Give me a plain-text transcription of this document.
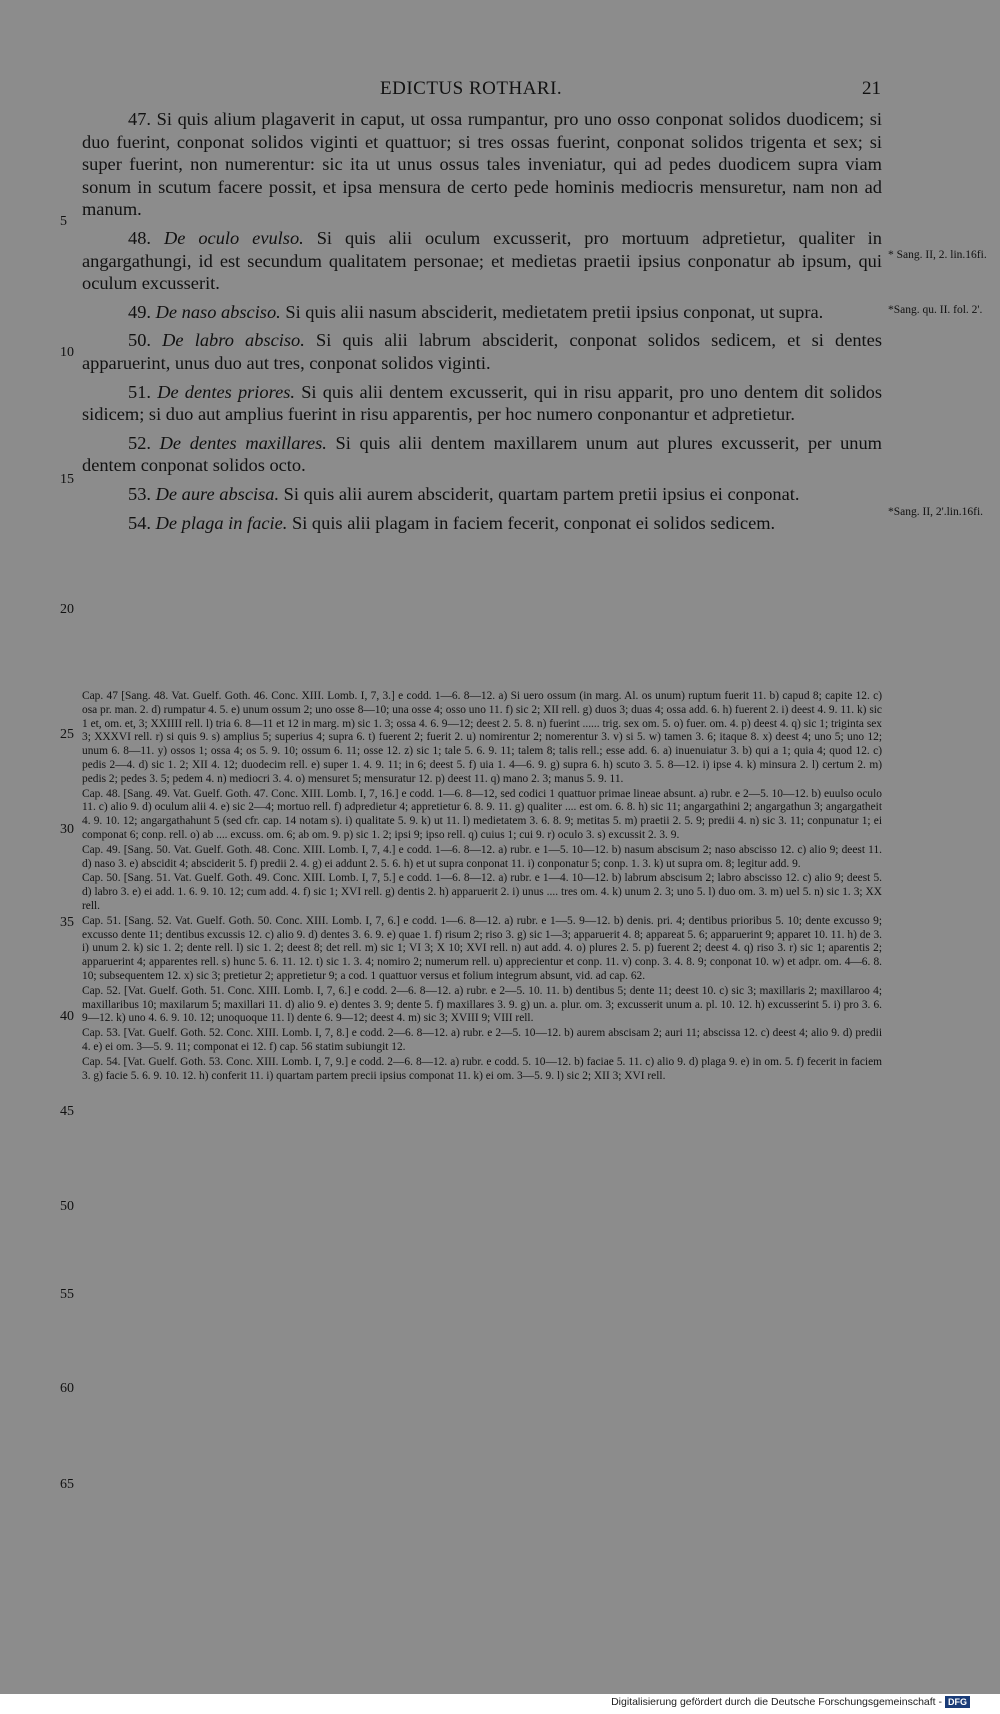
EDICTUS ROTHARI.	21

47. Si quis alium plagaverit in caput, ut ossa rumpantur, pro uno osso conponat solidos duodicem; si duo fuerint, conponat solidos viginti et quattuor; si tres ossas fuerint, conponat solidos trigenta et sex; si super fuerint, non numerentur: sic ita ut unus ossus tales inveniatur, qui ad pedes duodicem supra viam sonum in scutum facere possit, et ipsa mensura de certo pede hominis mediocris mensuretur, nam non ad manum.

48. De oculo evulso. Si quis alii oculum excusserit, pro mortuum adpretietur, qualiter in angargathungi, id est secundum qualitatem personae; et medietas praetii ipsius conponatur ab ipsum, qui oculum excusserit.

49. De naso absciso. Si quis alii nasum absciderit, medietatem pretii ipsius conponat, ut supra.

50. De labro absciso. Si quis alii labrum absciderit, conponat solidos sedicem, et si dentes apparuerint, unus duo aut tres, conponat solidos viginti.

51. De dentes priores. Si quis alii dentem excusserit, qui in risu apparit, pro uno dentem dit solidos sidicem; si duo aut amplius fuerint in risu apparentis, per hoc numero conponantur et adpretietur.

52. De dentes maxillares. Si quis alii dentem maxillarem unum aut plures excusserit, per unum dentem conponat solidos octo.

53. De aure abscisa. Si quis alii aurem absciderit, quartam partem pretii ipsius ei conponat.

54. De plaga in facie. Si quis alii plagam in faciem fecerit, conponat ei solidos sedicem.

5
10
15
20
25
30
35
40
45
50
55
60
65
* Sang. II, 2. lin.16fi.
*Sang. qu. II. fol. 2'.
*Sang. II, 2'.lin.16fi.

Cap. 47 [Sang. 48. Vat. Guelf. Goth. 46. Conc. XIII. Lomb. I, 7, 3.] e codd. 1—6. 8—12. a) Si uero ossum (in marg. Al. os unum) ruptum fuerit 11. b) capud 8; capite 12. c) osa pr. man. 2. d) rumpatur 4. 5. e) unum ossum 2; uno osse 8—10; una osse 4; osso uno 11. f) sic 2; XII rell. g) duos 3; duas 4; ossa add. 6. h) fuerent 2. i) deest 4. 9. 11. k) sic 1 et, om. et, 3; XXIIII rell. l) tria 6. 8—11 et 12 in marg. m) sic 1. 3; ossa 4. 6. 9—12; deest 2. 5. 8. n) fuerint ...... trig. sex om. 5. o) fuer. om. 4. p) deest 4. q) sic 1; triginta sex 3; XXXVI rell. r) si quis 9. s) amplius 5; superius 4; supra 6. t) fuerent 2; fuerit 2. u) nomirentur 2; nomerentur 3. v) si 5. w) tamen 3. 6; itaque 8. x) deest 4; uno 5; uno 12; unum 6. 8—11. y) ossos 1; ossa 4; os 5. 9. 10; ossum 6. 11; osse 12. z) sic 1; tale 5. 6. 9. 11; talem 8; talis rell.; esse add. 6. a) inuenuiatur 3. b) qui a 1; quia 4; quod 12. c) pedis 2—4. d) sic 1. 2; XII 4. 12; duodecim rell. e) super 1. 4. 9. 11; in 6; deest 5. f) uia 1. 4—6. 9. g) supra 6. h) scuto 3. 5. 8—12. i) ipse 4. k) minsura 2. l) certum 2. m) pedis 2; pedes 3. 5; pedem 4. n) mediocri 3. 4. o) mensuret 5; mensuratur 12. p) deest 11. q) mano 2. 3; manus 5. 9. 11.

Cap. 48. [Sang. 49. Vat. Guelf. Goth. 47. Conc. XIII. Lomb. I, 7, 16.] e codd. 1—6. 8—12, sed codici 1 quattuor primae lineae absunt. a) rubr. e 2—5. 10—12. b) euulso oculo 11. c) alio 9. d) oculum alii 4. e) sic 2—4; mortuo rell. f) adpredietur 4; appretietur 6. 8. 9. 11. g) qualiter .... est om. 6. 8. h) sic 11; angargathini 2; angargathun 3; angargatheit 4. 9. 10. 12; angargathahunt 5 (sed cfr. cap. 14 notam s). i) qualitate 5. 9. k) ut 11. l) medietatem 3. 6. 8. 9; metitas 5. m) praetii 2. 5. 9; predii 4. n) sic 3. 11; conpunatur 1; ei componat 6; conp. rell. o) ab .... excuss. om. 6; ab om. 9. p) sic 1. 2; ipsi 9; ipso rell. q) cuius 1; cui 9. r) oculo 3. s) excussit 2. 3. 9.

Cap. 49. [Sang. 50. Vat. Guelf. Goth. 48. Conc. XIII. Lomb. I, 7, 4.] e codd. 1—6. 8—12. a) rubr. e 1—5. 10—12. b) nasum abscisum 2; naso abscisso 12. c) alio 9; deest 11. d) naso 3. e) abscidit 4; absciderit 5. f) predii 2. 4. g) ei addunt 2. 5. 6. h) et ut supra conponat 11. i) conponatur 5; conp. 1. 3. k) ut supra om. 8; legitur add. 9.

Cap. 50. [Sang. 51. Vat. Guelf. Goth. 49. Conc. XIII. Lomb. I, 7, 5.] e codd. 1—6. 8—12. a) rubr. e 1—4. 10—12. b) labrum abscisum 2; labro abscisso 12. c) alio 9; deest 5. d) labro 3. e) ei add. 1. 6. 9. 10. 12; cum add. 4. f) sic 1; XVI rell. g) dentis 2. h) apparuerit 2. i) unus .... tres om. 4. k) unum 2. 3; uno 5. l) duo om. 3. m) uel 5. n) sic 1. 3; XX rell.

Cap. 51. [Sang. 52. Vat. Guelf. Goth. 50. Conc. XIII. Lomb. I, 7, 6.] e codd. 1—6. 8—12. a) rubr. e 1—5. 9—12. b) denis. pri. 4; dentibus prioribus 5. 10; dente excusso 9; excusso dente 11; dentibus excussis 12. c) alio 9. d) dentes 3. 6. 9. e) quae 1. f) risum 2; riso 3. g) sic 1—3; apparuerit 4. 8; appareat 5. 6; apparuerint 9; apparet 10. 11. h) de 3. i) unum 2. k) sic 1. 2; dente rell. l) sic 1. 2; deest 8; det rell. m) sic 1; VI 3; X 10; XVI rell. n) aut add. 4. o) plures 2. 5. p) fuerent 2; deest 4. q) riso 3. r) sic 1; aparentis 2; apparuerint 4; apparentes rell. s) hunc 5. 6. 11. 12. t) sic 1. 3. 4; nomiro 2; numerum rell. u) apprecientur et conp. 11. v) conp. 3. 4. 8. 9; conponat 10. w) et adpr. om. 4—6. 8. 10; subsequentem 12. x) sic 3; pretietur 2; appretietur 9; a cod. 1 quattuor versus et folium integrum absunt, vid. ad cap. 62.

Cap. 52. [Vat. Guelf. Goth. 51. Conc. XIII. Lomb. I, 7, 6.] e codd. 2—6. 8—12. a) rubr. e 2—5. 10. 11. b) dentibus 5; dente 11; deest 10. c) sic 3; maxillaris 2; maxillaroo 4; maxillaribus 10; maxilarum 5; maxillari 11. d) alio 9. e) dentes 3. 9; dente 5. f) maxillares 3. 9. g) un. a. plur. om. 3; excusserit unum a. pl. 10. 12. h) excusserint 5. i) pro 3. 6. 9—12. k) uno 4. 6. 9. 10. 12; unoquoque 11. l) dente 6. 9—12; deest 4. m) sic 3; XVIII 9; VIII rell.

Cap. 53. [Vat. Guelf. Goth. 52. Conc. XIII. Lomb. I, 7, 8.] e codd. 2—6. 8—12. a) rubr. e 2—5. 10—12. b) aurem abscisam 2; auri 11; abscissa 12. c) deest 4; alio 9. d) predii 4. e) ei om. 3—5. 9. 11; componat ei 12. f) cap. 56 statim subiungit 12.

Cap. 54. [Vat. Guelf. Goth. 53. Conc. XIII. Lomb. I, 7, 9.] e codd. 2—6. 8—12. a) rubr. e codd. 5. 10—12. b) faciae 5. 11. c) alio 9. d) plaga 9. e) in om. 5. f) fecerit in faciem 3. g) facie 5. 6. 9. 10. 12. h) conferit 11. i) quartam partem precii ipsius componat 11. k) ei om. 3—5. 9. l) sic 2; XII 3; XVI rell.

Digitalisierung gefördert durch die Deutsche Forschungsgemeinschaft - DFG
